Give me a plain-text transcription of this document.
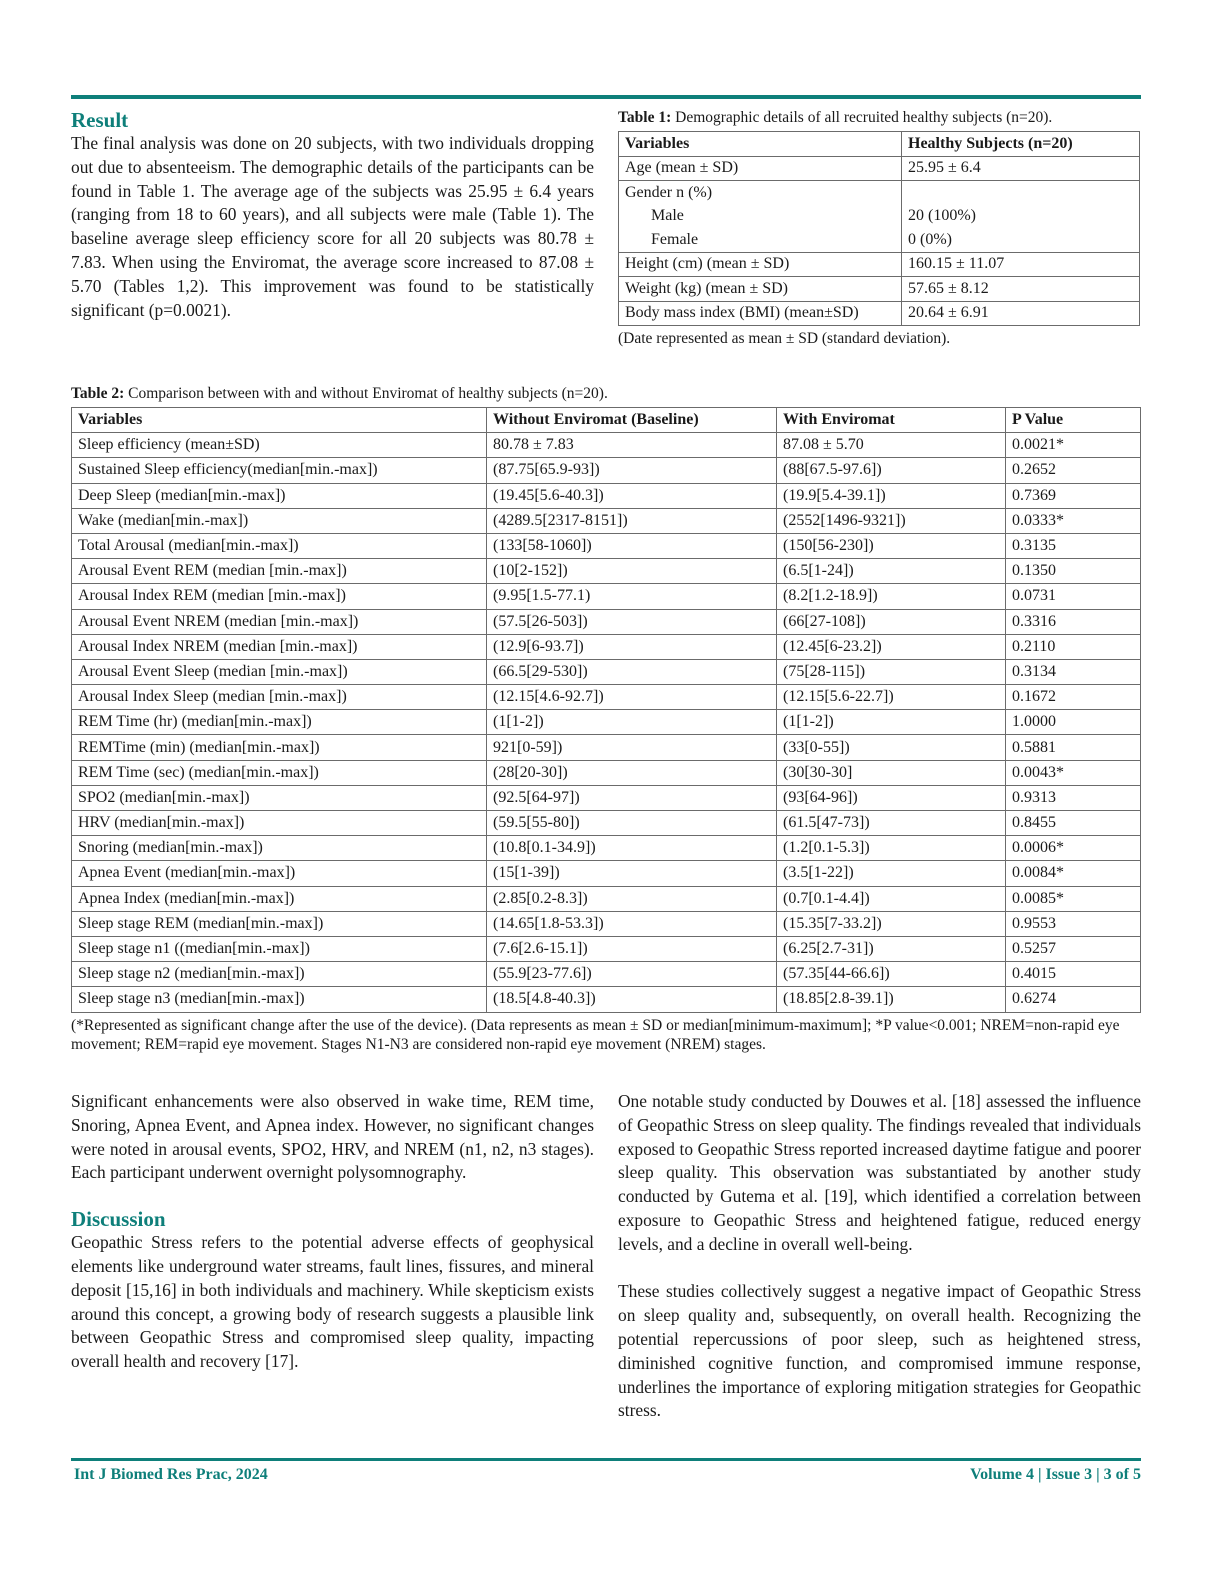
Result

The final analysis was done on 20 subjects, with two individuals dropping out due to absenteeism. The demographic details of the participants can be found in Table 1. The average age of the subjects was 25.95 ± 6.4 years (ranging from 18 to 60 years), and all subjects were male (Table 1). The baseline average sleep efficiency score for all 20 subjects was 80.78 ± 7.83. When using the Enviromat, the average score increased to 87.08 ± 5.70 (Tables 1,2). This improvement was found to be statistically significant (p=0.0021).

Table 1: Demographic details of all recruited healthy subjects (n=20).

Variables	Healthy Subjects (n=20)
Age (mean ± SD)	25.95 ± 6.4
Gender n (%)	
Male	20 (100%)
Female	0 (0%)
Height (cm) (mean ± SD)	160.15 ± 11.07
Weight (kg) (mean ± SD)	57.65 ± 8.12
Body mass index (BMI) (mean±SD)	20.64 ± 6.91

(Date represented as mean ± SD (standard deviation).

Table 2: Comparison between with and without Enviromat of healthy subjects (n=20).

Variables	Without Enviromat (Baseline)	With Enviromat	P Value
Sleep efficiency (mean±SD)	80.78 ± 7.83	87.08 ± 5.70	0.0021*
Sustained Sleep efficiency(median[min.-max])	(87.75[65.9-93])	(88[67.5-97.6])	0.2652
Deep Sleep (median[min.-max])	(19.45[5.6-40.3])	(19.9[5.4-39.1])	0.7369
Wake (median[min.-max])	(4289.5[2317-8151])	(2552[1496-9321])	0.0333*
Total Arousal (median[min.-max])	(133[58-1060])	(150[56-230])	0.3135
Arousal Event REM (median [min.-max])	(10[2-152])	(6.5[1-24])	0.1350
Arousal Index REM (median [min.-max])	(9.95[1.5-77.1)	(8.2[1.2-18.9])	0.0731
Arousal Event NREM (median [min.-max])	(57.5[26-503])	(66[27-108])	0.3316
Arousal Index NREM (median [min.-max])	(12.9[6-93.7])	(12.45[6-23.2])	0.2110
Arousal Event Sleep (median [min.-max])	(66.5[29-530])	(75[28-115])	0.3134
Arousal Index Sleep (median [min.-max])	(12.15[4.6-92.7])	(12.15[5.6-22.7])	0.1672
REM Time (hr) (median[min.-max])	(1[1-2])	(1[1-2])	1.0000
REMTime (min) (median[min.-max])	921[0-59])	(33[0-55])	0.5881
REM Time (sec) (median[min.-max])	(28[20-30])	(30[30-30]	0.0043*
SPO2 (median[min.-max])	(92.5[64-97])	(93[64-96])	0.9313
HRV (median[min.-max])	(59.5[55-80])	(61.5[47-73])	0.8455
Snoring (median[min.-max])	(10.8[0.1-34.9])	(1.2[0.1-5.3])	0.0006*
Apnea Event (median[min.-max])	(15[1-39])	(3.5[1-22])	0.0084*
Apnea Index (median[min.-max])	(2.85[0.2-8.3])	(0.7[0.1-4.4])	0.0085*
Sleep stage REM (median[min.-max])	(14.65[1.8-53.3])	(15.35[7-33.2])	0.9553
Sleep stage n1 ((median[min.-max])	(7.6[2.6-15.1])	(6.25[2.7-31])	0.5257
Sleep stage n2 (median[min.-max])	(55.9[23-77.6])	(57.35[44-66.6])	0.4015
Sleep stage n3 (median[min.-max])	(18.5[4.8-40.3])	(18.85[2.8-39.1])	0.6274

(*Represented as significant change after the use of the device). (Data represents as mean ± SD or median[minimum-maximum]; *P value<0.001; NREM=non-rapid eye movement; REM=rapid eye movement. Stages N1-N3 are considered non-rapid eye movement (NREM) stages.

Significant enhancements were also observed in wake time, REM time, Snoring, Apnea Event, and Apnea index. However, no significant changes were noted in arousal events, SPO2, HRV, and NREM (n1, n2, n3 stages). Each participant underwent overnight polysomnography.

Discussion

Geopathic Stress refers to the potential adverse effects of geophysical elements like underground water streams, fault lines, fissures, and mineral deposit [15,16] in both individuals and machinery. While skepticism exists around this concept, a growing body of research suggests a plausible link between Geopathic Stress and compromised sleep quality, impacting overall health and recovery [17].

One notable study conducted by Douwes et al. [18] assessed the influence of Geopathic Stress on sleep quality. The findings revealed that individuals exposed to Geopathic Stress reported increased daytime fatigue and poorer sleep quality. This observation was substantiated by another study conducted by Gutema et al. [19], which identified a correlation between exposure to Geopathic Stress and heightened fatigue, reduced energy levels, and a decline in overall well-being.

These studies collectively suggest a negative impact of Geopathic Stress on sleep quality and, subsequently, on overall health. Recognizing the potential repercussions of poor sleep, such as heightened stress, diminished cognitive function, and compromised immune response, underlines the importance of exploring mitigation strategies for Geopathic stress.

Int J Biomed Res Prac, 2024	Volume 4 | Issue 3 | 3 of 5
